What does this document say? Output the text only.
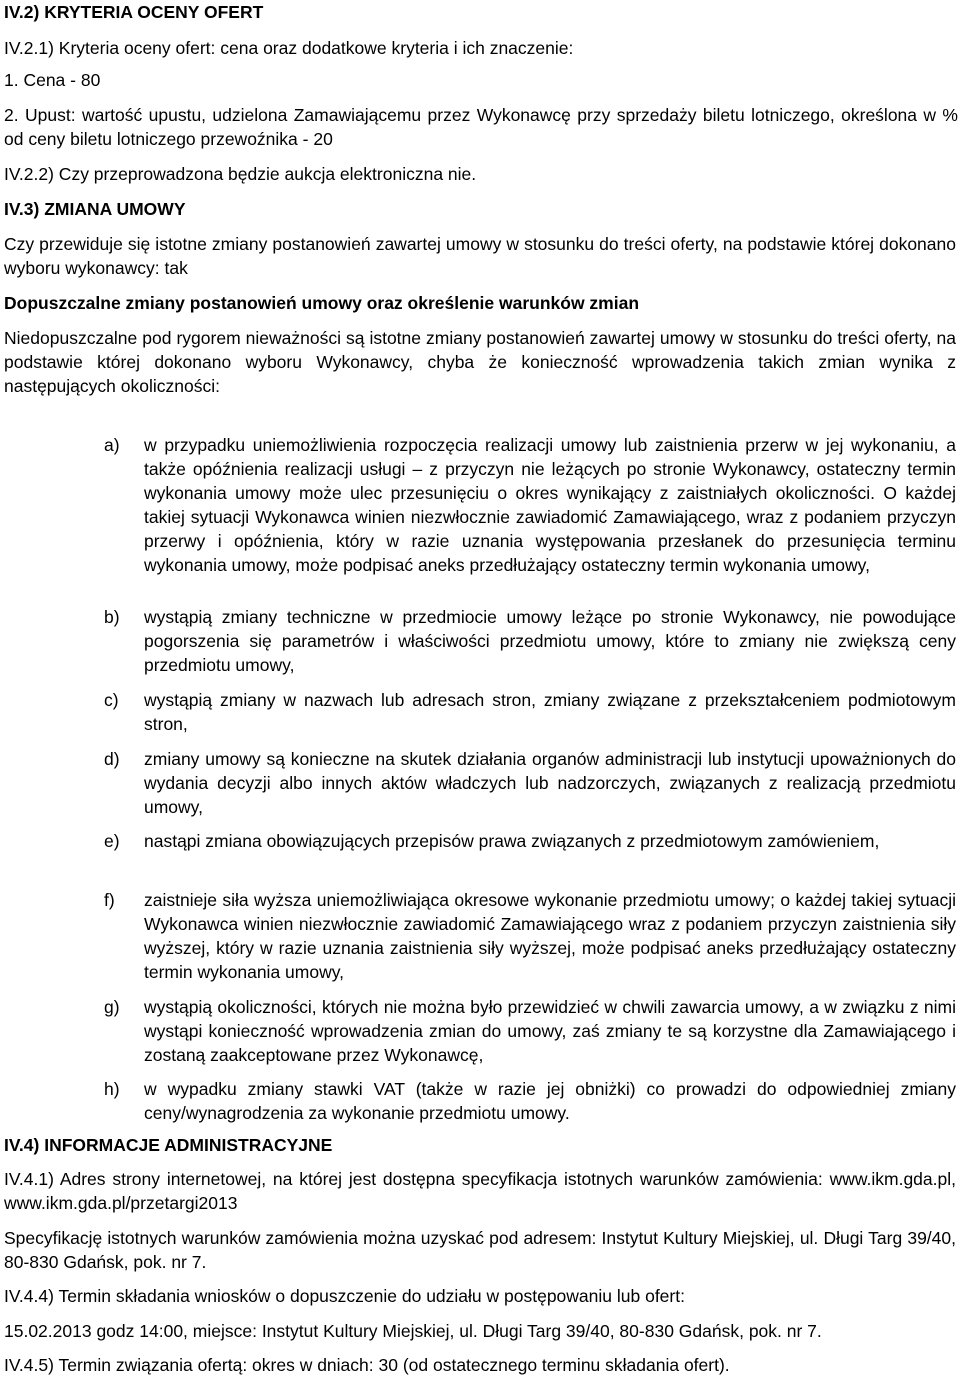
IV.2) KRYTERIA OCENY OFERT
IV.2.1) Kryteria oceny ofert: cena oraz dodatkowe kryteria i ich znaczenie:
1. Cena - 80
2. Upust: wartość upustu, udzielona Zamawiającemu przez Wykonawcę przy sprzedaży biletu lotniczego, określona w % od ceny biletu lotniczego przewoźnika - 20
IV.2.2) Czy przeprowadzona będzie aukcja elektroniczna nie.
IV.3) ZMIANA UMOWY
Czy przewiduje się istotne zmiany postanowień zawartej umowy w stosunku do treści oferty, na podstawie której dokonano wyboru wykonawcy: tak
Dopuszczalne zmiany postanowień umowy oraz określenie warunków zmian
Niedopuszczalne pod rygorem nieważności są istotne zmiany postanowień zawartej umowy w stosunku do treści oferty, na podstawie której dokonano wyboru Wykonawcy, chyba że konieczność wprowadzenia takich zmian wynika z następujących okoliczności:
a) w przypadku uniemożliwienia rozpoczęcia realizacji umowy lub zaistnienia przerw w jej wykonaniu, a także opóźnienia realizacji usługi – z przyczyn nie leżących po stronie Wykonawcy, ostateczny termin wykonania umowy może ulec przesunięciu o okres wynikający z zaistniałych okoliczności. O każdej takiej sytuacji Wykonawca winien niezwłocznie zawiadomić Zamawiającego, wraz z podaniem przyczyn przerwy i opóźnienia, który w razie uznania występowania przesłanek do przesunięcia terminu wykonania umowy, może podpisać aneks przedłużający ostateczny termin wykonania umowy,
b) wystąpią zmiany techniczne w przedmiocie umowy leżące po stronie Wykonawcy, nie powodujące pogorszenia się parametrów i właściwości przedmiotu umowy, które to zmiany nie zwiększą ceny przedmiotu umowy,
c) wystąpią zmiany w nazwach lub adresach stron, zmiany związane z przekształceniem podmiotowym stron,
d) zmiany umowy są konieczne na skutek działania organów administracji lub instytucji upoważnionych do wydania decyzji albo innych aktów władczych lub nadzorczych, związanych z realizacją przedmiotu umowy,
e) nastąpi zmiana obowiązujących przepisów prawa związanych z przedmiotowym zamówieniem,
f) zaistnieje siła wyższa uniemożliwiająca okresowe wykonanie przedmiotu umowy; o każdej takiej sytuacji Wykonawca winien niezwłocznie zawiadomić Zamawiającego wraz z podaniem przyczyn zaistnienia siły wyższej, który w razie uznania zaistnienia siły wyższej, może podpisać aneks przedłużający ostateczny termin wykonania umowy,
g) wystąpią okoliczności, których nie można było przewidzieć w chwili zawarcia umowy, a w związku z nimi wystąpi konieczność wprowadzenia zmian do umowy, zaś zmiany te są korzystne dla Zamawiającego i zostaną zaakceptowane przez Wykonawcę,
h) w wypadku zmiany stawki VAT (także w razie jej obniżki) co prowadzi do odpowiedniej zmiany ceny/wynagrodzenia za wykonanie przedmiotu umowy.
IV.4) INFORMACJE ADMINISTRACYJNE
IV.4.1) Adres strony internetowej, na której jest dostępna specyfikacja istotnych warunków zamówienia: www.ikm.gda.pl, www.ikm.gda.pl/przetargi2013
Specyfikację istotnych warunków zamówienia można uzyskać pod adresem: Instytut Kultury Miejskiej, ul. Długi Targ 39/40, 80-830 Gdańsk, pok. nr 7.
IV.4.4) Termin składania wniosków o dopuszczenie do udziału w postępowaniu lub ofert:
15.02.2013 godz 14:00, miejsce: Instytut Kultury Miejskiej, ul. Długi Targ 39/40, 80-830 Gdańsk, pok. nr 7.
IV.4.5) Termin związania ofertą: okres w dniach: 30 (od ostatecznego terminu składania ofert).
